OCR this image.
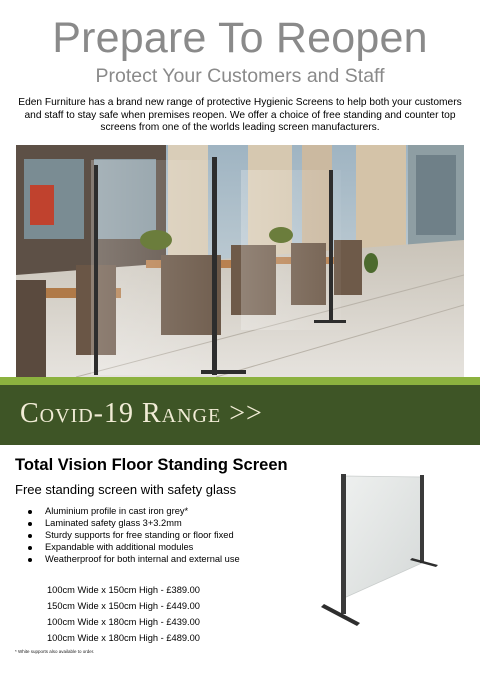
Prepare To Reopen
Protect Your Customers and Staff
Eden Furniture has a brand new range of protective Hygienic Screens to help both your customers and staff to stay safe when premises reopen. We offer a choice of free standing and counter top screens from one of the worlds leading screen manufacturers.
Covid-19 Range >>
Total Vision Floor Standing Screen
Free standing screen with safety glass
Aluminium profile in cast iron grey*
Laminated safety glass 3+3.2mm
Sturdy supports for free standing or floor fixed
Expandable with additional modules
Weatherproof for both internal and external use
100cm Wide x 150cm High - £389.00
150cm Wide x 150cm High - £449.00
100cm Wide x 180cm High - £439.00
100cm Wide x 180cm High - £489.00
* White supports also available to order.
